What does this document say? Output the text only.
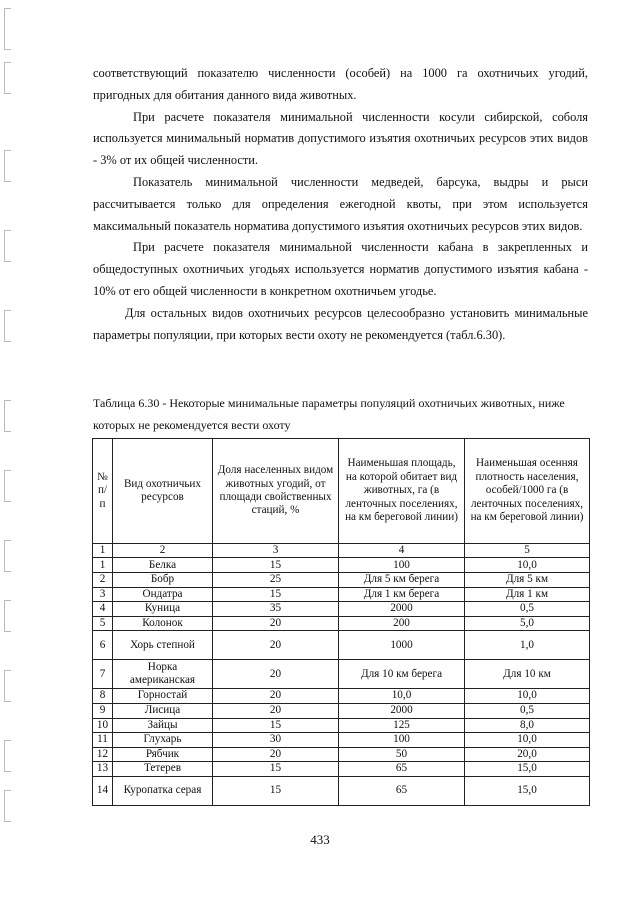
соответствующий показателю численности (особей) на 1000 га охотничьих угодий, пригодных для обитания данного вида животных.

При расчете показателя минимальной численности косули сибирской, соболя используется минимальный норматив допустимого изъятия охотничьих ресурсов этих видов - 3% от их общей численности.

Показатель минимальной численности медведей, барсука, выдры и рыси рассчитывается только для определения ежегодной квоты, при этом используется максимальный показатель норматива допустимого изъятия охотничьих ресурсов этих видов.

При расчете показателя минимальной численности кабана в закрепленных и общедоступных охотничьих угодьях используется норматив допустимого изъятия кабана - 10% от его общей численности в конкретном охотничьем угодье.

Для остальных видов охотничьих ресурсов целесообразно установить минимальные параметры популяции, при которых вести охоту не рекомендуется (табл.6.30).

Таблица 6.30 - Некоторые минимальные параметры популяций охотничьих животных, ниже которых не рекомендуется вести охоту
№ п/п	Вид охотничьих ресурсов	Доля населенных видом животных угодий, от площади свойственных стаций, %	Наименьшая площадь, на которой обитает вид животных, га (в ленточных поселениях, на км береговой линии)	Наименьшая осенняя плотность населения, особей/1000 га (в ленточных поселениях, на км береговой линии)
1	2	3	4	5
1	Белка	15	100	10,0
2	Бобр	25	Для 5 км берега	Для 5 км
3	Ондатра	15	Для 1 км берега	Для 1 км
4	Куница	35	2000	0,5
5	Колонок	20	200	5,0
6	Хорь степной	20	1000	1,0
7	Норка американская	20	Для 10 км берега	Для 10 км
8	Горностай	20	10,0	10,0
9	Лисица	20	2000	0,5
10	Зайцы	15	125	8,0
11	Глухарь	30	100	10,0
12	Рябчик	20	50	20,0
13	Тетерев	15	65	15,0
14	Куропатка серая	15	65	15,0
433
